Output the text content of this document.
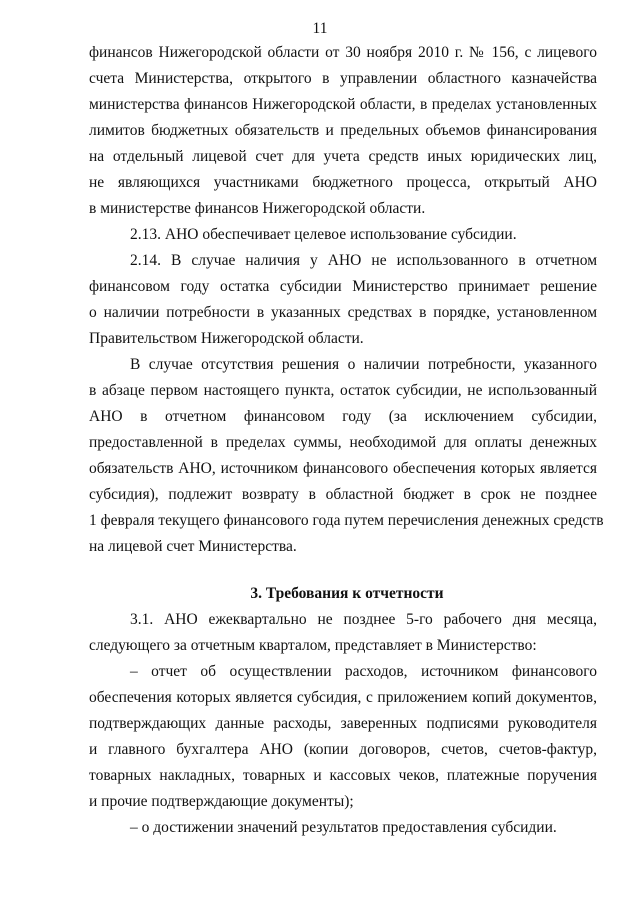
11
финансов Нижегородской области от 30 ноября 2010 г. № 156, с лицевого
счета Министерства, открытого в управлении областного казначейства
министерства финансов Нижегородской области, в пределах установленных
лимитов бюджетных обязательств и предельных объемов финансирования
на отдельный лицевой счет для учета средств иных юридических лиц,
не являющихся участниками бюджетного процесса, открытый АНО
в министерстве финансов Нижегородской области.
2.13. АНО обеспечивает целевое использование субсидии.
2.14. В случае наличия у АНО не использованного в отчетном
финансовом году остатка субсидии Министерство принимает решение
о наличии потребности в указанных средствах в порядке, установленном
Правительством Нижегородской области.
В случае отсутствия решения о наличии потребности, указанного
в абзаце первом настоящего пункта, остаток субсидии, не использованный
АНО в отчетном финансовом году (за исключением субсидии,
предоставленной в пределах суммы, необходимой для оплаты денежных
обязательств АНО, источником финансового обеспечения которых является
субсидия), подлежит возврату в областной бюджет в срок не позднее
1 февраля текущего финансового года путем перечисления денежных средств
на лицевой счет Министерства.
3. Требования к отчетности
3.1. АНО ежеквартально не позднее 5-го рабочего дня месяца,
следующего за отчетным кварталом, представляет в Министерство:
– отчет об осуществлении расходов, источником финансового
обеспечения которых является субсидия, с приложением копий документов,
подтверждающих данные расходы, заверенных подписями руководителя
и главного бухгалтера АНО (копии договоров, счетов, счетов-фактур,
товарных накладных, товарных и кассовых чеков, платежные поручения
и прочие подтверждающие документы);
– о достижении значений результатов предоставления субсидии.
